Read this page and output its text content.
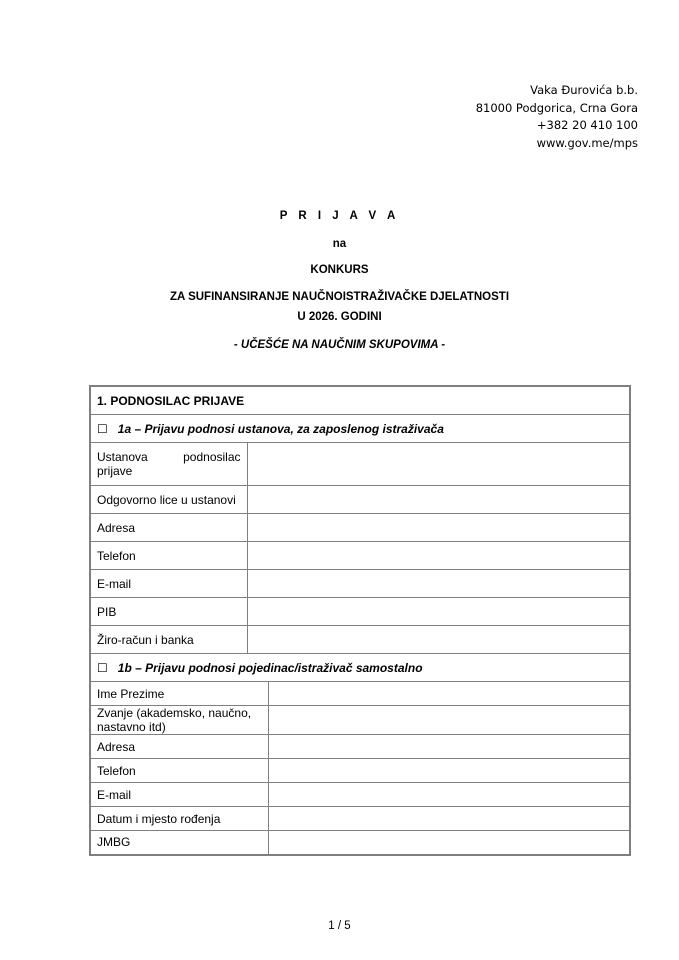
Vaka Đurovića b.b.
81000 Podgorica, Crna Gora
+382 20 410 100
www.gov.me/mps
P R I J A V A
na
KONKURS
ZA SUFINANSIRANJE NAUČNOISTRAŽIVAČKE DJELATNOSTI
U 2026. GODINI
- UČEŠĆE NA NAUČNIM SKUPOVIMA -
1. PODNOSILAC PRIJAVE		
☐ 1a – Prijavu podnosi ustanova, za zaposlenog istraživača		
Ustanova podnosilac prijave		
Odgovorno lice u ustanovi		
Adresa		
Telefon		
E-mail		
PIB		
Žiro-račun i banka		
☐ 1b – Prijavu podnosi pojedinac/istraživač samostalno		
Ime Prezime		
Zvanje (akademsko, naučno, nastavno itd)		
Adresa		
Telefon		
E-mail		
Datum i mjesto rođenja		
JMBG		
1 / 5
